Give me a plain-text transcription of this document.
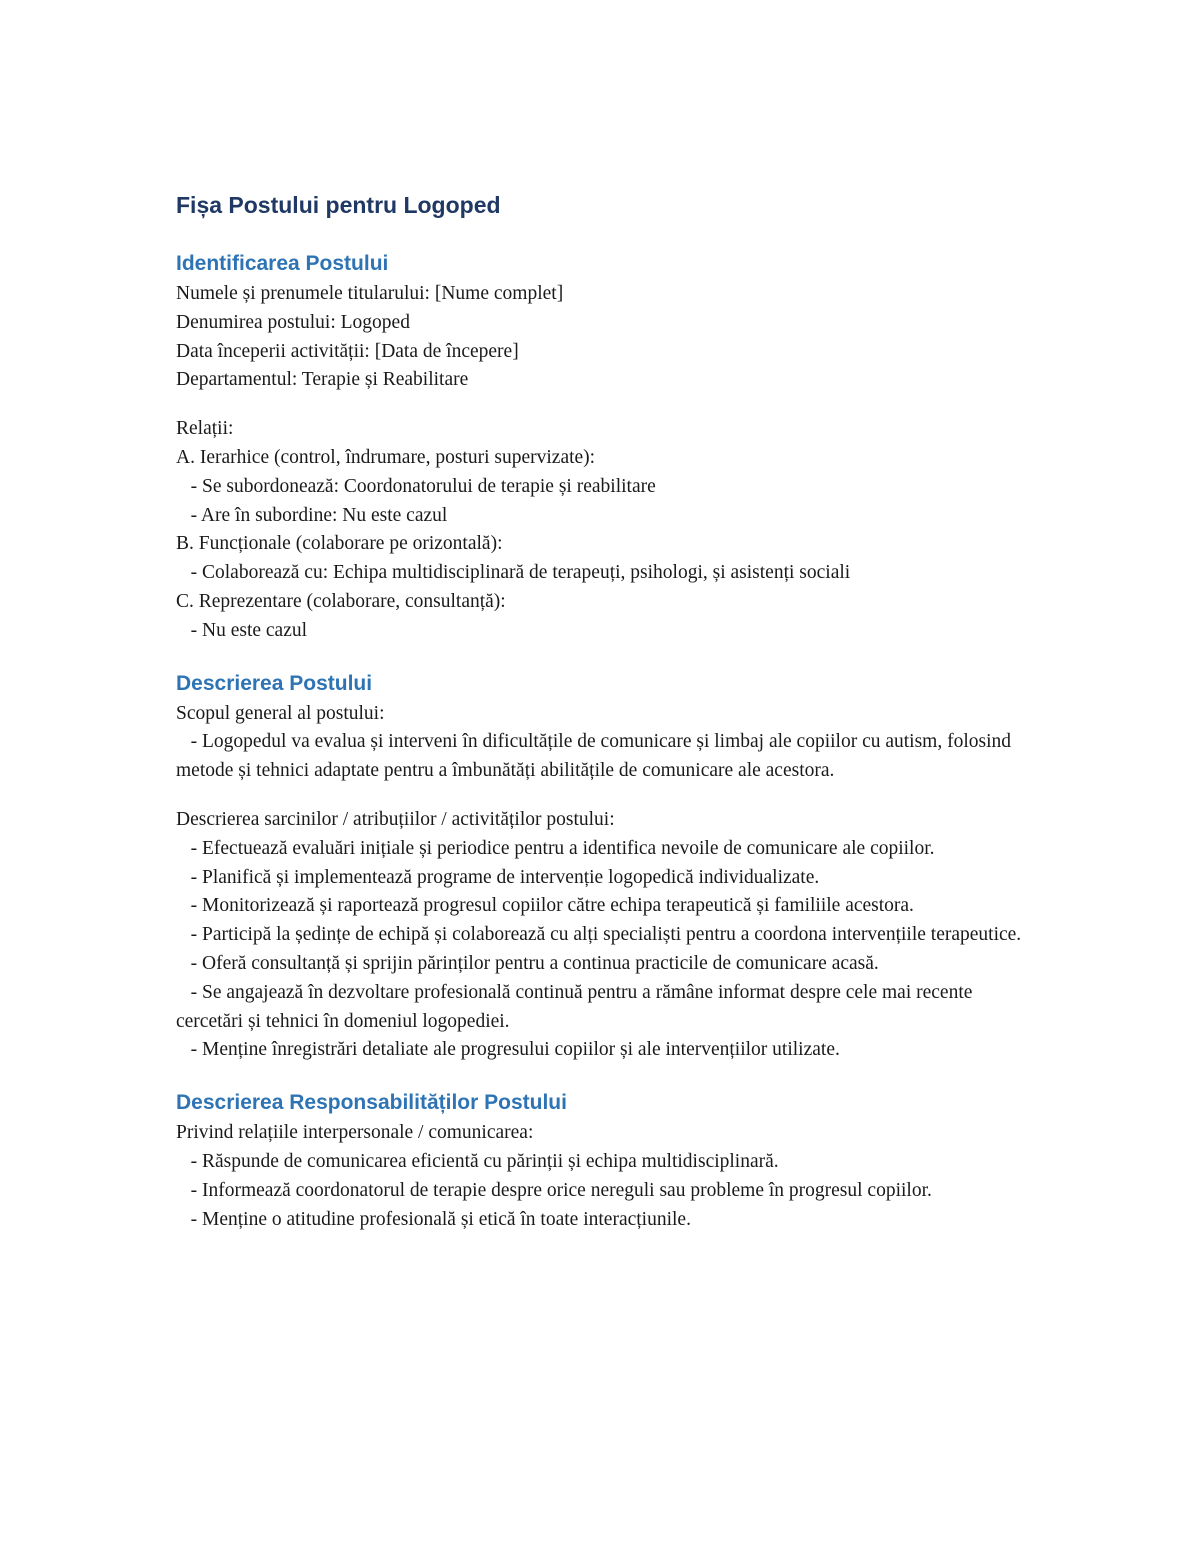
Fișa Postului pentru Logoped
Identificarea Postului

Numele și prenumele titularului: [Nume complet]

Denumirea postului: Logoped

Data începerii activității: [Data de începere]

Departamentul: Terapie și Reabilitare

Relații:

A. Ierarhice (control, îndrumare, posturi supervizate):

- Se subordonează: Coordonatorului de terapie și reabilitare

- Are în subordine: Nu este cazul

B. Funcționale (colaborare pe orizontală):

- Colaborează cu: Echipa multidisciplinară de terapeuți, psihologi, și asistenți sociali

C. Reprezentare (colaborare, consultanță):

- Nu este cazul

Descrierea Postului

Scopul general al postului:

- Logopedul va evalua și interveni în dificultățile de comunicare și limbaj ale copiilor cu autism, folosind metode și tehnici adaptate pentru a îmbunătăți abilitățile de comunicare ale acestora.

Descrierea sarcinilor / atribuțiilor / activităților postului:

- Efectuează evaluări inițiale și periodice pentru a identifica nevoile de comunicare ale copiilor.

- Planifică și implementează programe de intervenție logopedică individualizate.

- Monitorizează și raportează progresul copiilor către echipa terapeutică și familiile acestora.

- Participă la ședințe de echipă și colaborează cu alți specialiști pentru a coordona intervențiile terapeutice.

- Oferă consultanță și sprijin părinților pentru a continua practicile de comunicare acasă.

- Se angajează în dezvoltare profesională continuă pentru a rămâne informat despre cele mai recente cercetări și tehnici în domeniul logopediei.

- Menține înregistrări detaliate ale progresului copiilor și ale intervențiilor utilizate.

Descrierea Responsabilităților Postului

Privind relațiile interpersonale / comunicarea:

- Răspunde de comunicarea eficientă cu părinții și echipa multidisciplinară.

- Informează coordonatorul de terapie despre orice nereguli sau probleme în progresul copiilor.

- Menține o atitudine profesională și etică în toate interacțiunile.
